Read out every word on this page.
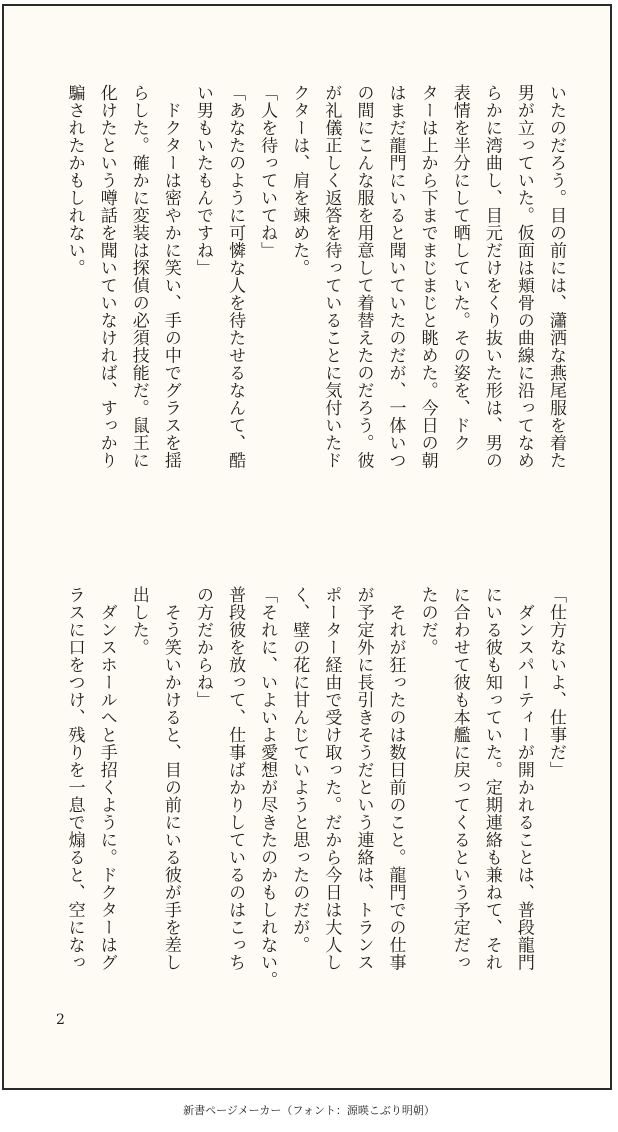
いたのだろう。目の前には、瀟洒な燕尾服を着た
男が立っていた。仮面は頬骨の曲線に沿ってなめ
らかに湾曲し、目元だけをくり抜いた形は、男の
表情を半分にして晒していた。その姿を、ドク
ターは上から下までまじまじと眺めた。今日の朝
はまだ龍門にいると聞いていたのだが、一体いつ
の間にこんな服を用意して着替えたのだろう。彼
が礼儀正しく返答を待っていることに気付いたド
クターは、肩を竦めた。
「人を待っていてね」
「あなたのように可憐な人を待たせるなんて、酷
い男もいたもんですね」
　ドクターは密やかに笑い、手の中でグラスを揺
らした。確かに変装は探偵の必須技能だ。鼠王に
化けたという噂話を聞いていなければ、すっかり
騙されたかもしれない。
「仕方ないよ、仕事だ」
　ダンスパーティーが開かれることは、普段龍門
にいる彼も知っていた。定期連絡も兼ねて、それ
に合わせて彼も本艦に戻ってくるという予定だっ
たのだ。
　それが狂ったのは数日前のこと。龍門での仕事
が予定外に長引きそうだという連絡は、トランス
ポーター経由で受け取った。だから今日は大人し
く、壁の花に甘んじていようと思ったのだが。
「それに、いよいよ愛想が尽きたのかもしれない。
普段彼を放って、仕事ばかりしているのはこっち
の方だからね」
　そう笑いかけると、目の前にいる彼が手を差し
出した。
　ダンスホールへと手招くように。ドクターはグ
ラスに口をつけ、残りを一息で煽ると、空になっ
2
新書ページメーカー（フォント：源暎こぶり明朝）
